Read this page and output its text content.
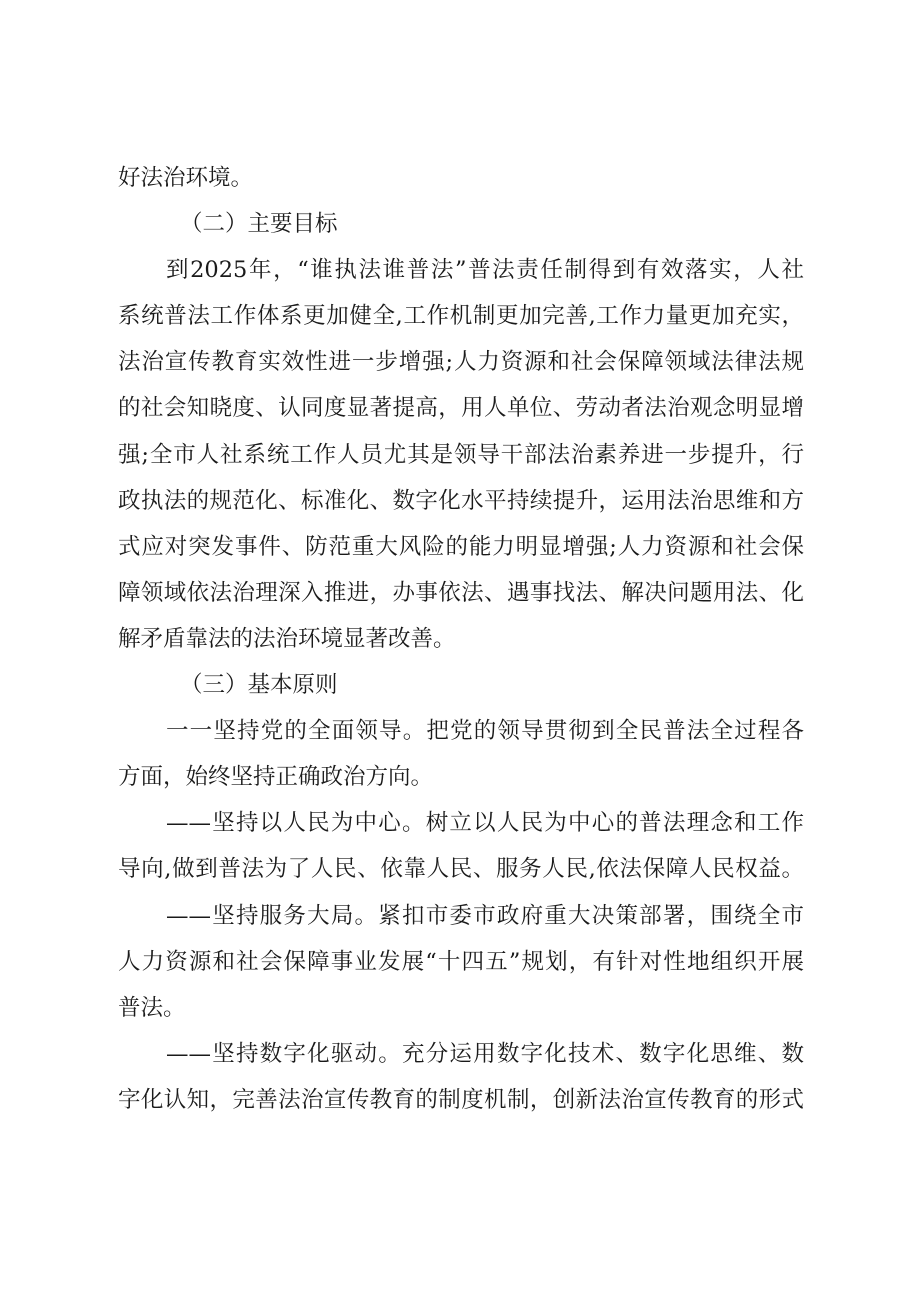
好法治环境。
（二）主要目标
到2025年，“谁执法谁普法”普法责任制得到有效落实，人社
系统普法工作体系更加健全,工作机制更加完善,工作力量更加充实，
法治宣传教育实效性进一步增强;人力资源和社会保障领域法律法规
的社会知晓度、认同度显著提高，用人单位、劳动者法治观念明显增
强;全市人社系统工作人员尤其是领导干部法治素养进一步提升，行
政执法的规范化、标准化、数字化水平持续提升，运用法治思维和方
式应对突发事件、防范重大风险的能力明显增强;人力资源和社会保
障领域依法治理深入推进，办事依法、遇事找法、解决问题用法、化
解矛盾靠法的法治环境显著改善。
（三）基本原则
一一坚持党的全面领导。把党的领导贯彻到全民普法全过程各
方面，始终坚持正确政治方向。
——坚持以人民为中心。树立以人民为中心的普法理念和工作
导向,做到普法为了人民、依靠人民、服务人民,依法保障人民权益。
——坚持服务大局。紧扣市委市政府重大决策部署，围绕全市
人力资源和社会保障事业发展“十四五”规划，有针对性地组织开展
普法。
——坚持数字化驱动。充分运用数字化技术、数字化思维、数
字化认知，完善法治宣传教育的制度机制，创新法治宣传教育的形式
